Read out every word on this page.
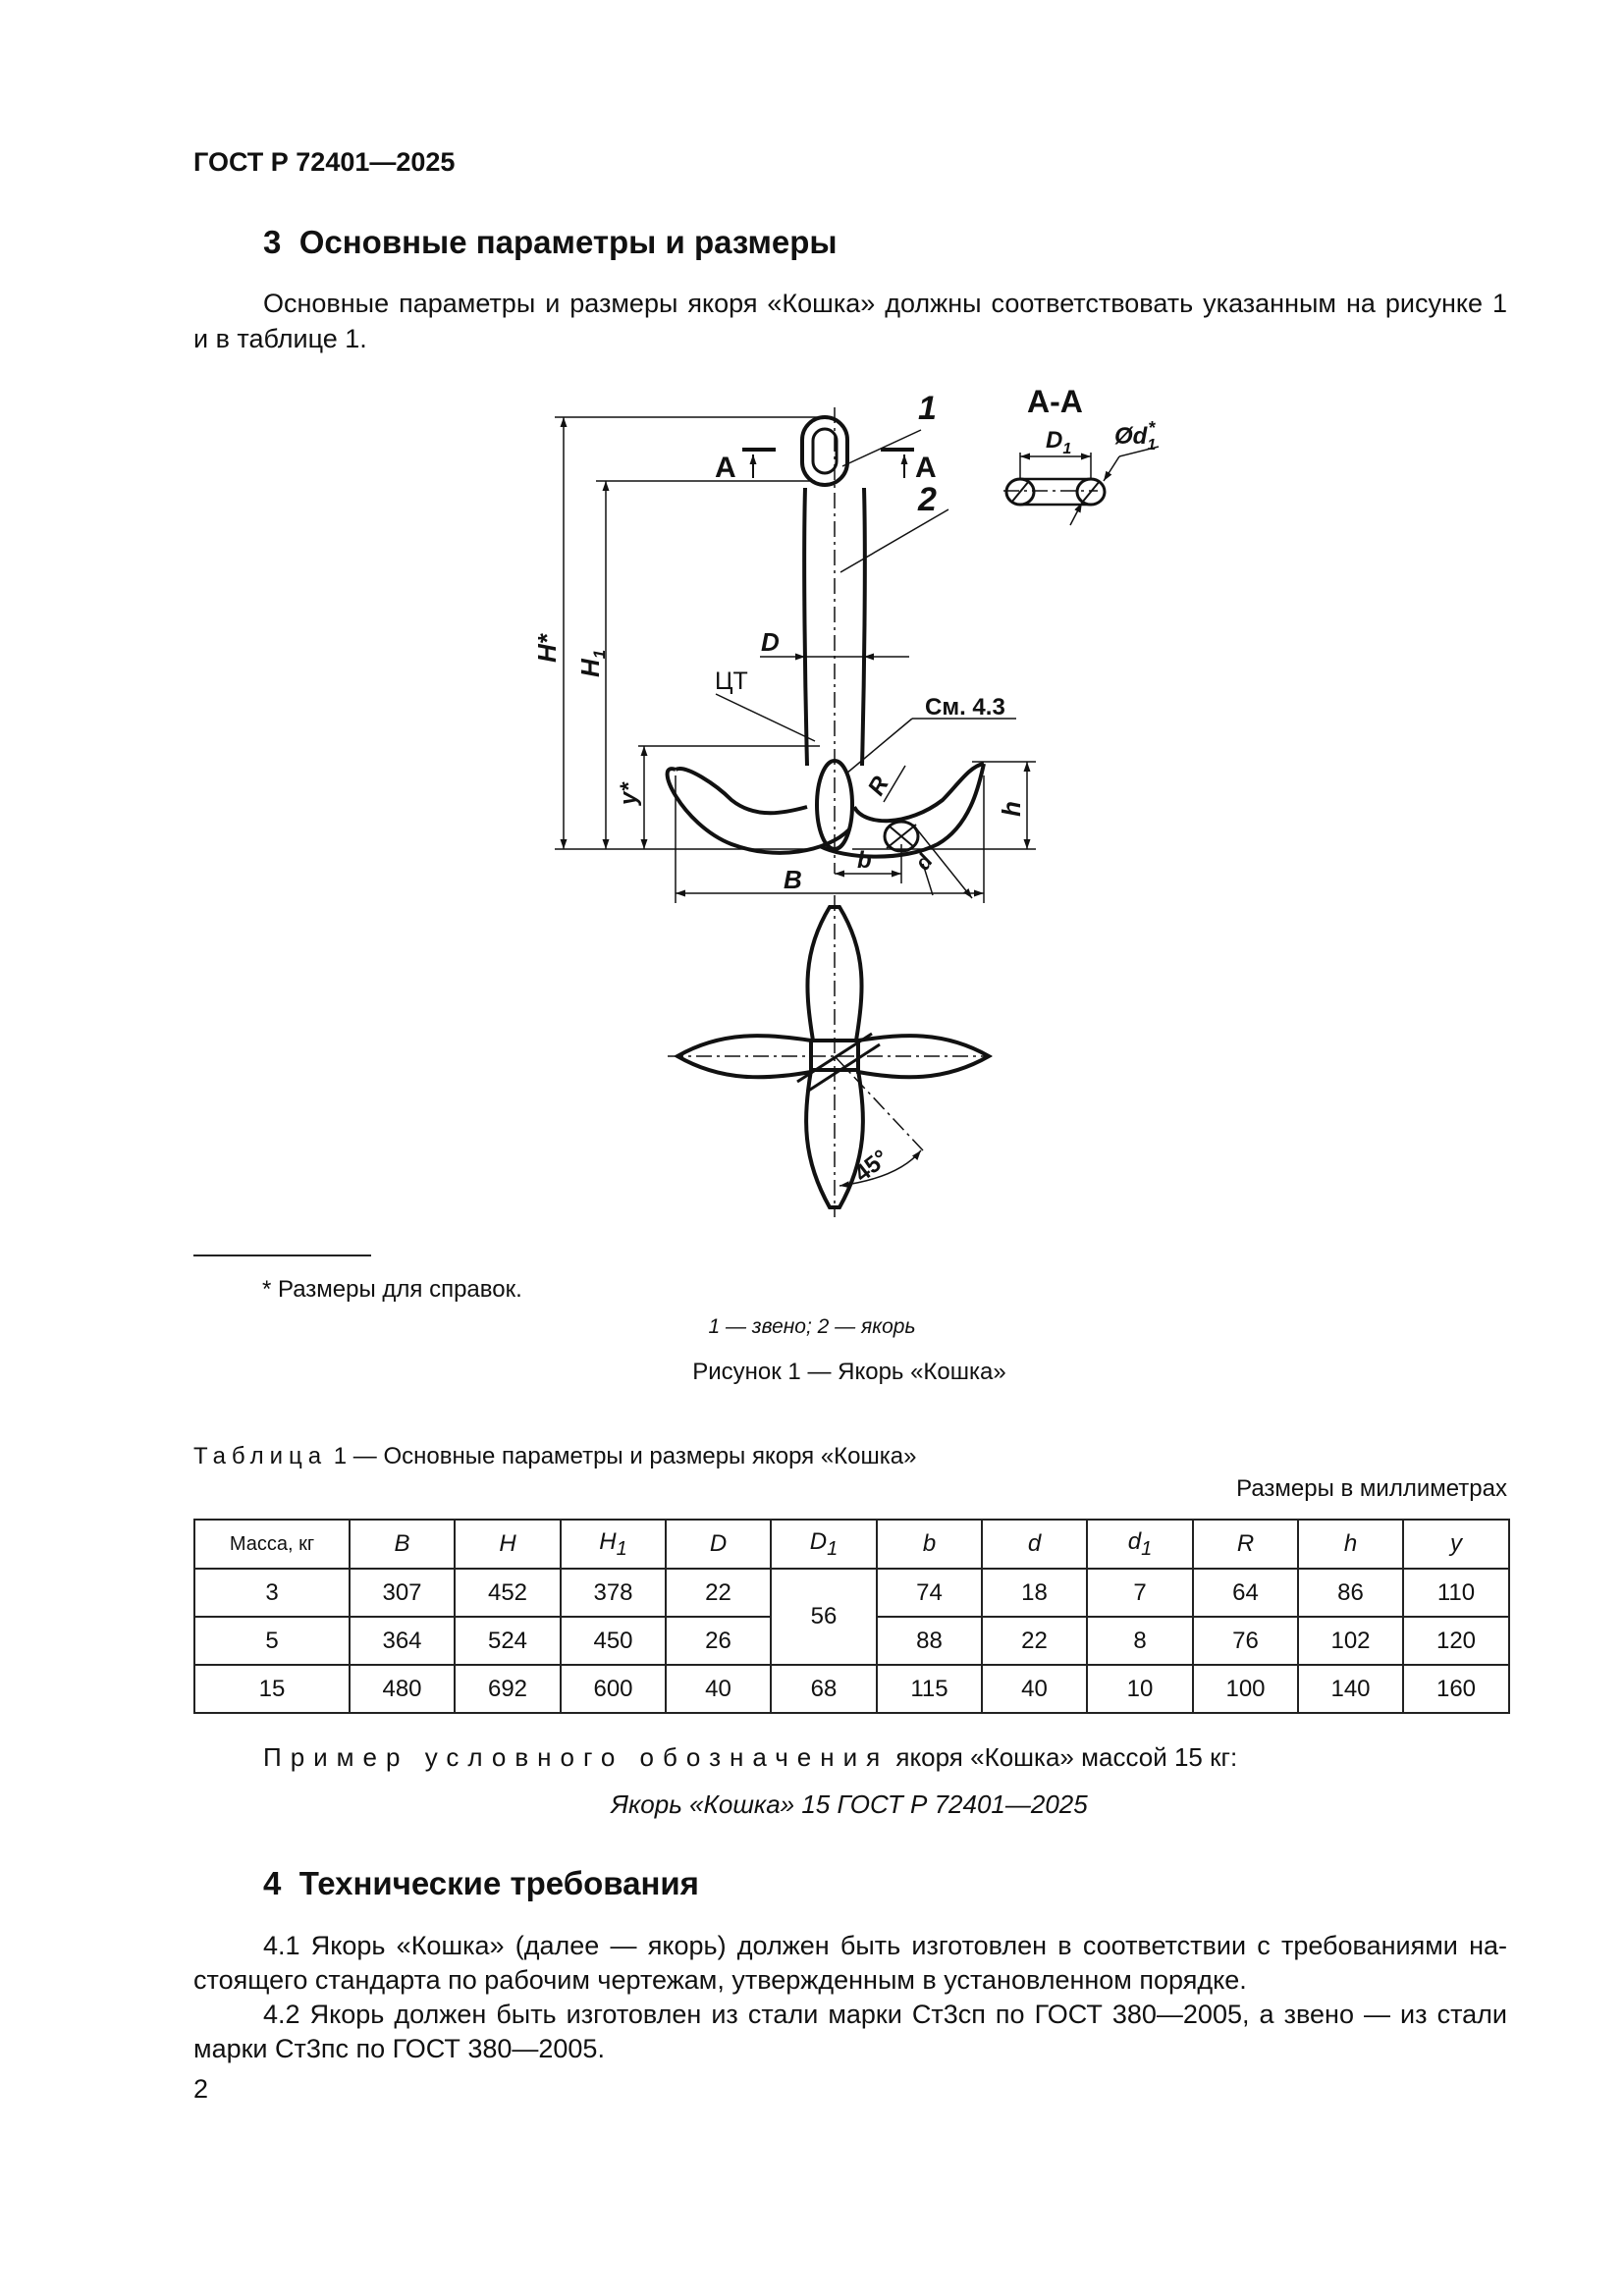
ГОСТ Р 72401—2025
3 Основные параметры и размеры
Основные параметры и размеры якоря «Кошка» должны соответствовать указанным на рисунке 1
и в таблице 1.
1
2
А	А
А-А
$D_1$ $Ød_1*$
H*
$H_1$	D
ЦТ
См. 4.3
y*	R
h
b d
B
45°
* Размеры для справок.
1 — звено; 2 — якорь
Рисунок 1 — Якорь «Кошка»
Таблица 1 — Основные параметры и размеры якоря «Кошка»
Размеры в миллиметрах
Масса, кг	B	H	$H_1$	D	$D_1$	b	d	$d_1$	R	h	y
3	307	452	378	22	56	74	18	7	64	86	110
5	364	524	450	26		88	22	8	76	102	120
15	480	692	600	40	68	115	40	10	100	140	160
Пример условного обозначения якоря «Кошка» массой 15 кг:
Якорь «Кошка» 15 ГОСТ Р 72401—2025
4 Технические требования
4.1 Якорь «Кошка» (далее — якорь) должен быть изготовлен в соответствии с требованиями на-
стоящего стандарта по рабочим чертежам, утвержденным в установленном порядке.
4.2 Якорь должен быть изготовлен из стали марки Ст3сп по ГОСТ 380—2005, а звено — из стали
марки Ст3пс по ГОСТ 380—2005.
2
